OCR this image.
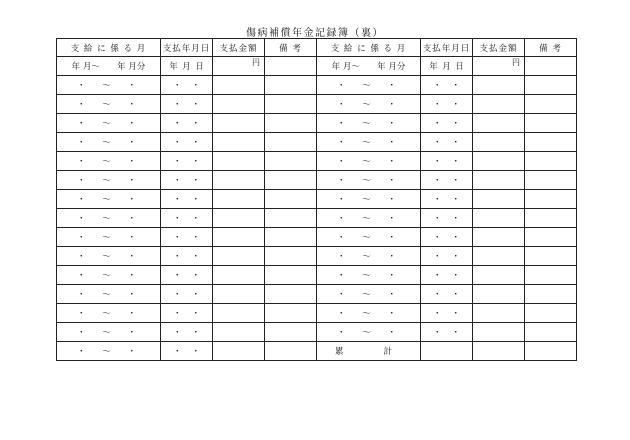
傷病補償年金記録簿（裏）
支 給 に 係 る 月	支払年月日	支払金額	備 考	支 給 に 係 る 月	支払年月日	支払金額	備 考

年 月〜 年 月分	年 月 日	円		年 月〜 年 月分	年 月 日	円	

・ 〜 ・	・ ・			・ 〜 ・	・ ・		

・ 〜 ・	・ ・			・ 〜 ・	・ ・		

・ 〜 ・	・ ・			・ 〜 ・	・ ・		

・ 〜 ・	・ ・			・ 〜 ・	・ ・		

・ 〜 ・	・ ・			・ 〜 ・	・ ・		

・ 〜 ・	・ ・			・ 〜 ・	・ ・		

・ 〜 ・	・ ・			・ 〜 ・	・ ・		

・ 〜 ・	・ ・			・ 〜 ・	・ ・		

・ 〜 ・	・ ・			・ 〜 ・	・ ・		

・ 〜 ・	・ ・			・ 〜 ・	・ ・		

・ 〜 ・	・ ・			・ 〜 ・	・ ・		

・ 〜 ・	・ ・			・ 〜 ・	・ ・		

・ 〜 ・	・ ・			・ 〜 ・	・ ・		

・ 〜 ・	・ ・			・ 〜 ・	・ ・		

・ 〜 ・	・ ・			累 計			
